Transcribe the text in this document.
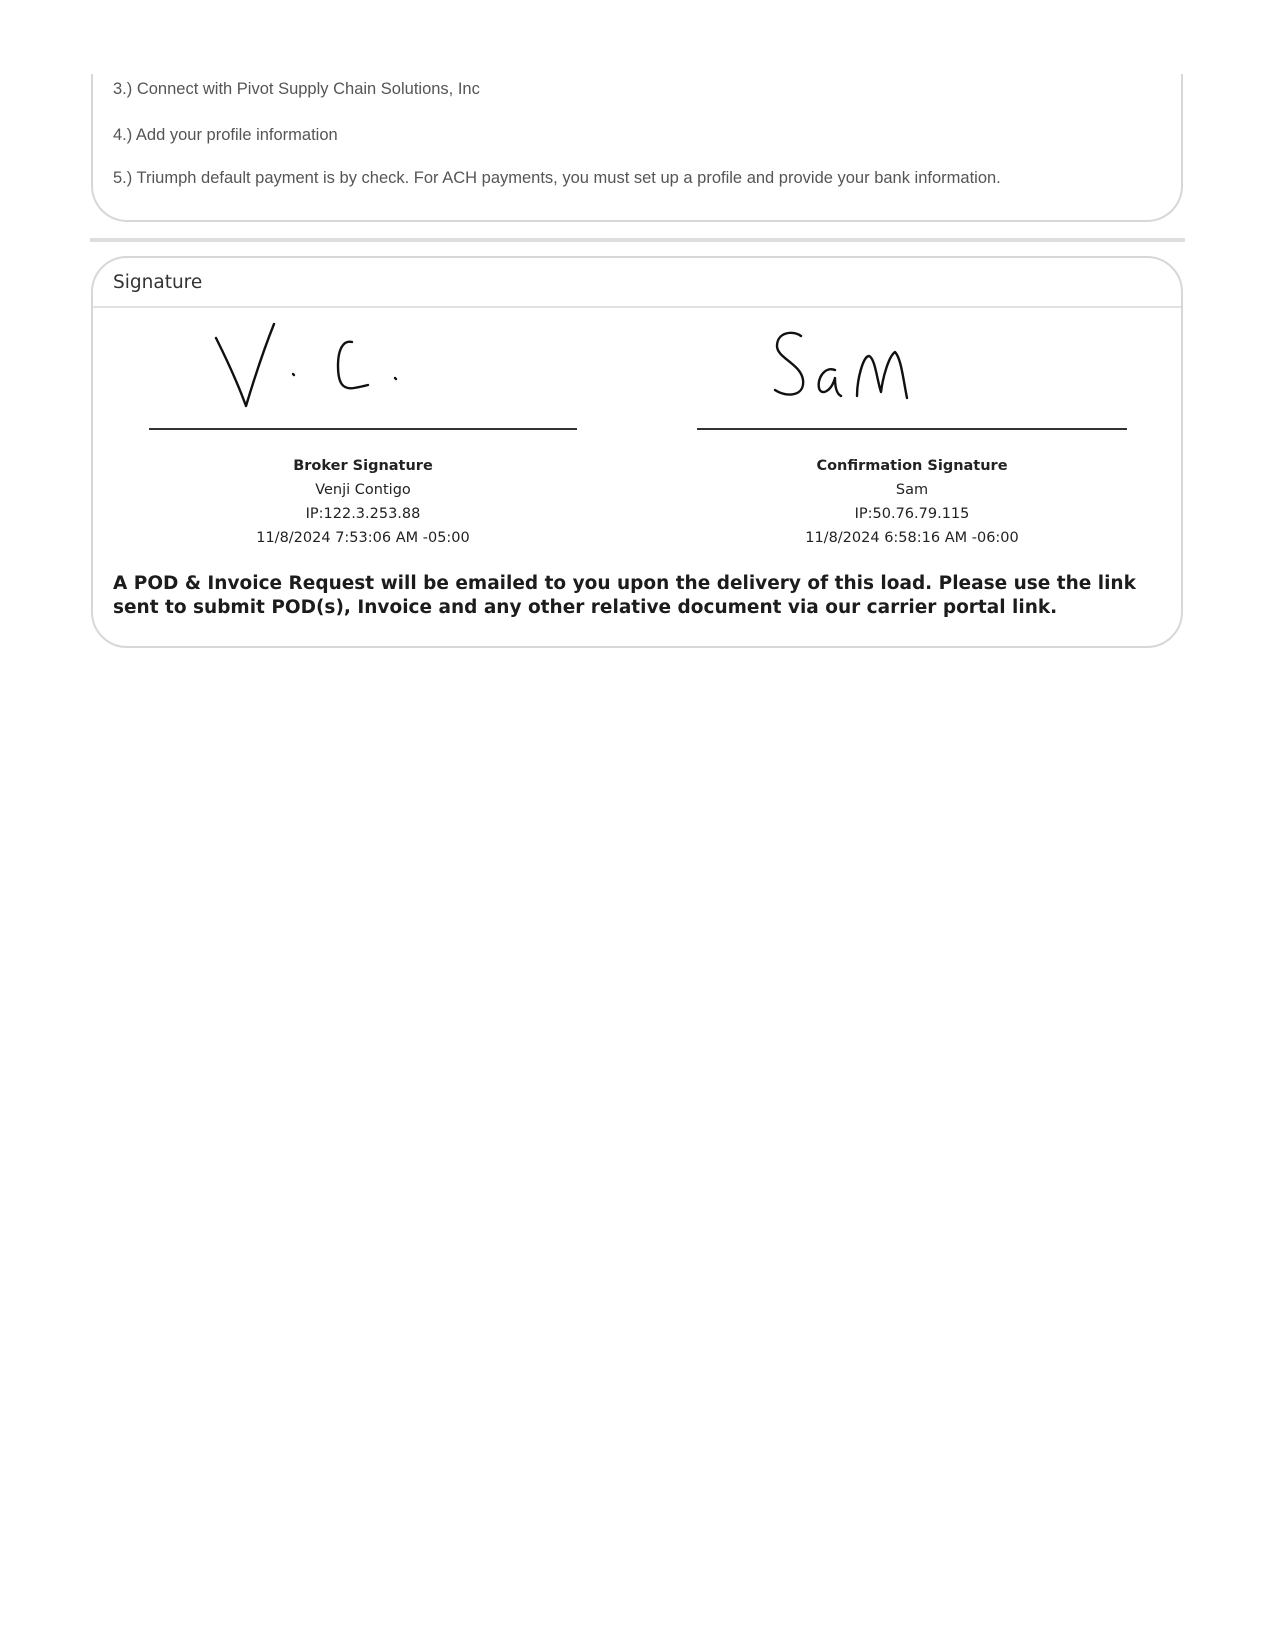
3.) Connect with Pivot Supply Chain Solutions, Inc

4.) Add your profile information

5.) Triumph default payment is by check. For ACH payments, you must set up a profile and provide your bank information.

Signature

Broker Signature
Venji Contigo
IP:122.3.253.88
11/8/2024 7:53:06 AM -05:00
Confirmation Signature
Sam
IP:50.76.79.115
11/8/2024 6:58:16 AM -06:00

A POD & Invoice Request will be emailed to you upon the delivery of this load. Please use the link sent to submit POD(s), Invoice and any other relative document via our carrier portal link.
